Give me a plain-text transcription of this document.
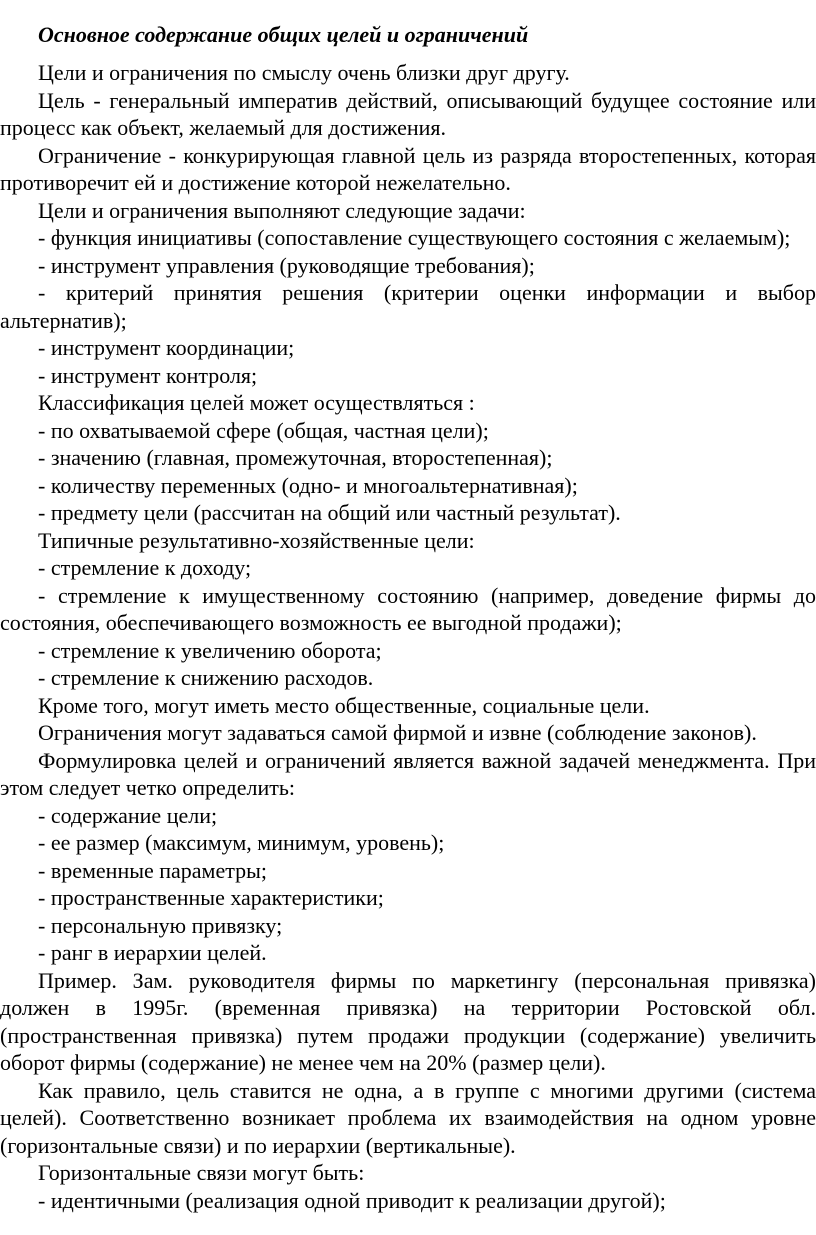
Основное содержание общих целей и ограничений

Цели и ограничения по смыслу очень близки друг другу.

Цель - генеральный императив действий, описывающий будущее состояние или процесс как объект, желаемый для достижения.

Ограничение - конкурирующая главной цель из разряда второстепенных, которая противоречит ей и достижение которой нежелательно.

Цели и ограничения выполняют следующие задачи:

- функция инициативы (сопоставление существующего состояния с желаемым);

- инструмент управления (руководящие требования);

- критерий принятия решения (критерии оценки информации и выбор альтернатив);

- инструмент координации;

- инструмент контроля;

Классификация целей может осуществляться :

- по охватываемой сфере (общая, частная цели);

- значению (главная, промежуточная, второстепенная);

- количеству переменных (одно- и многоальтернативная);

- предмету цели (рассчитан на общий или частный результат).

Типичные результативно-хозяйственные цели:

- стремление к доходу;

- стремление к имущественному состоянию (например, доведение фирмы до состояния, обеспечивающего возможность ее выгодной продажи);

- стремление к увеличению оборота;

- стремление к снижению расходов.

Кроме того, могут иметь место общественные, социальные цели.

Ограничения могут задаваться самой фирмой и извне (соблюдение законов).

Формулировка целей и ограничений является важной задачей менеджмента. При этом следует четко определить:

- содержание цели;

- ее размер (максимум, минимум, уровень);

- временные параметры;

- пространственные характеристики;

- персональную привязку;

- ранг в иерархии целей.

Пример. Зам. руководителя фирмы по маркетингу (персональная привязка) должен в 1995г. (временная привязка) на территории Ростовской обл. (пространственная привязка) путем продажи продукции (содержание) увеличить оборот фирмы (содержание) не менее чем на 20% (размер цели).

Как правило, цель ставится не одна, а в группе с многими другими (система целей). Соответственно возникает проблема их взаимодействия на одном уровне (горизонтальные связи) и по иерархии (вертикальные).

Горизонтальные связи могут быть:

- идентичными (реализация одной приводит к реализации другой);
